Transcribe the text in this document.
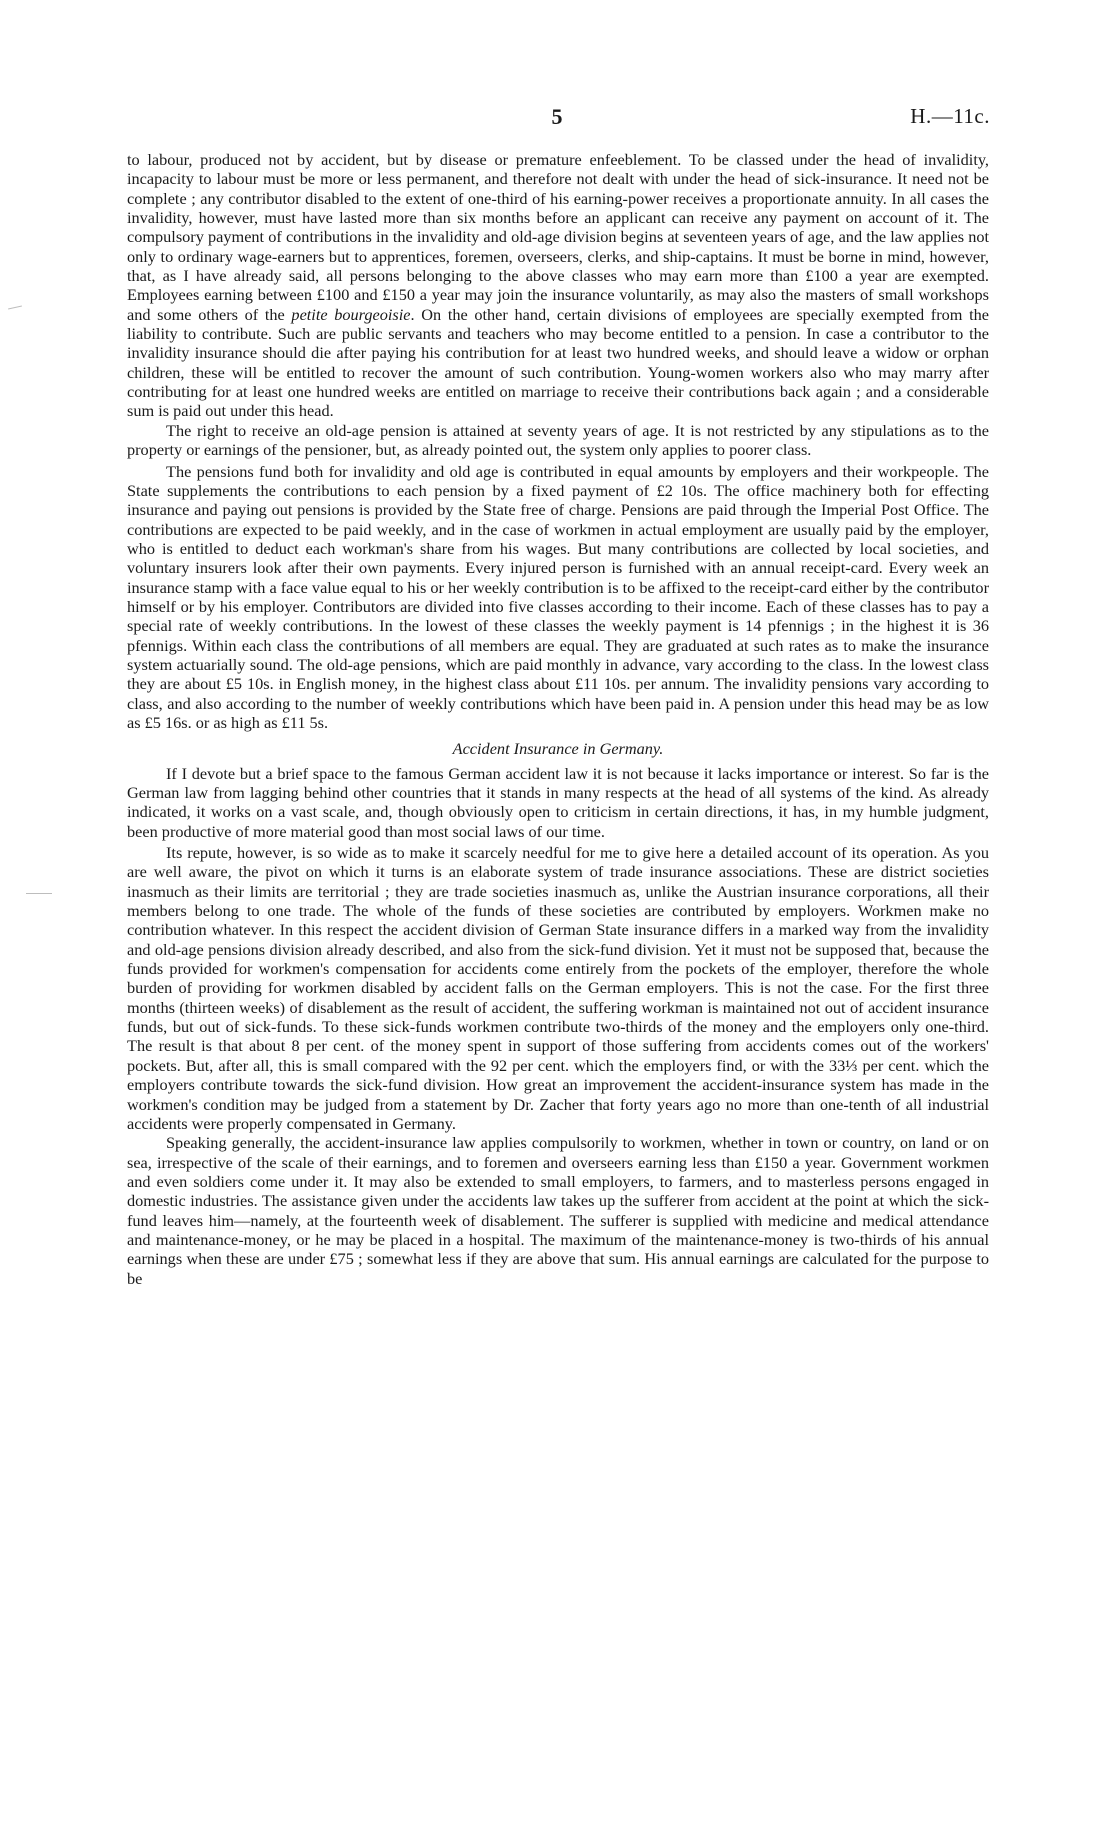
5	H.—11c.

to labour, produced not by accident, but by disease or premature enfeeblement. To be classed under the head of invalidity, incapacity to labour must be more or less permanent, and therefore not dealt with under the head of sick-insurance. It need not be complete ; any contributor disabled to the extent of one-third of his earning-power receives a proportionate annuity. In all cases the invalidity, however, must have lasted more than six months before an applicant can receive any payment on account of it. The compulsory payment of contributions in the invalidity and old-age division begins at seventeen years of age, and the law applies not only to ordinary wage-earners but to apprentices, foremen, overseers, clerks, and ship-captains. It must be borne in mind, however, that, as I have already said, all persons belonging to the above classes who may earn more than £100 a year are exempted. Employees earning between £100 and £150 a year may join the insurance voluntarily, as may also the masters of small workshops and some others of the petite bourgeoisie. On the other hand, certain divisions of employees are specially exempted from the liability to contribute. Such are public servants and teachers who may become entitled to a pension. In case a contributor to the invalidity insurance should die after paying his contribution for at least two hundred weeks, and should leave a widow or orphan children, these will be entitled to recover the amount of such contribution. Young-women workers also who may marry after contributing for at least one hundred weeks are entitled on marriage to receive their contributions back again ; and a considerable sum is paid out under this head.

The right to receive an old-age pension is attained at seventy years of age. It is not restricted by any stipulations as to the property or earnings of the pensioner, but, as already pointed out, the system only applies to poorer class.

The pensions fund both for invalidity and old age is contributed in equal amounts by employers and their workpeople. The State supplements the contributions to each pension by a fixed payment of £2 10s. The office machinery both for effecting insurance and paying out pensions is provided by the State free of charge. Pensions are paid through the Imperial Post Office. The contributions are expected to be paid weekly, and in the case of workmen in actual employment are usually paid by the employer, who is entitled to deduct each workman's share from his wages. But many contributions are collected by local societies, and voluntary insurers look after their own payments. Every injured person is furnished with an annual receipt-card. Every week an insurance stamp with a face value equal to his or her weekly contribution is to be affixed to the receipt-card either by the contributor himself or by his employer. Contributors are divided into five classes according to their income. Each of these classes has to pay a special rate of weekly contributions. In the lowest of these classes the weekly payment is 14 pfennigs ; in the highest it is 36 pfennigs. Within each class the contributions of all members are equal. They are graduated at such rates as to make the insurance system actuarially sound. The old-age pensions, which are paid monthly in advance, vary according to the class. In the lowest class they are about £5 10s. in English money, in the highest class about £11 10s. per annum. The invalidity pensions vary according to class, and also according to the number of weekly contributions which have been paid in. A pension under this head may be as low as £5 16s. or as high as £11 5s.

Accident Insurance in Germany.

If I devote but a brief space to the famous German accident law it is not because it lacks importance or interest. So far is the German law from lagging behind other countries that it stands in many respects at the head of all systems of the kind. As already indicated, it works on a vast scale, and, though obviously open to criticism in certain directions, it has, in my humble judgment, been productive of more material good than most social laws of our time.

Its repute, however, is so wide as to make it scarcely needful for me to give here a detailed account of its operation. As you are well aware, the pivot on which it turns is an elaborate system of trade insurance associations. These are district societies inasmuch as their limits are territorial ; they are trade societies inasmuch as, unlike the Austrian insurance corporations, all their members belong to one trade. The whole of the funds of these societies are contributed by employers. Workmen make no contribution whatever. In this respect the accident division of German State insurance differs in a marked way from the invalidity and old-age pensions division already described, and also from the sick-fund division. Yet it must not be supposed that, because the funds provided for workmen's compensation for accidents come entirely from the pockets of the employer, therefore the whole burden of providing for workmen disabled by accident falls on the German employers. This is not the case. For the first three months (thirteen weeks) of disablement as the result of accident, the suffering workman is maintained not out of accident insurance funds, but out of sick-funds. To these sick-funds workmen contribute two-thirds of the money and the employers only one-third. The result is that about 8 per cent. of the money spent in support of those suffering from accidents comes out of the workers' pockets. But, after all, this is small compared with the 92 per cent. which the employers find, or with the 33⅓ per cent. which the employers contribute towards the sick-fund division. How great an improvement the accident-insurance system has made in the workmen's condition may be judged from a statement by Dr. Zacher that forty years ago no more than one-tenth of all industrial accidents were properly compensated in Germany.

Speaking generally, the accident-insurance law applies compulsorily to workmen, whether in town or country, on land or on sea, irrespective of the scale of their earnings, and to foremen and overseers earning less than £150 a year. Government workmen and even soldiers come under it. It may also be extended to small employers, to farmers, and to masterless persons engaged in domestic industries. The assistance given under the accidents law takes up the sufferer from accident at the point at which the sick-fund leaves him—namely, at the fourteenth week of disablement. The sufferer is supplied with medicine and medical attendance and maintenance-money, or he may be placed in a hospital. The maximum of the maintenance-money is two-thirds of his annual earnings when these are under £75 ; somewhat less if they are above that sum. His annual earnings are calculated for the purpose to be
